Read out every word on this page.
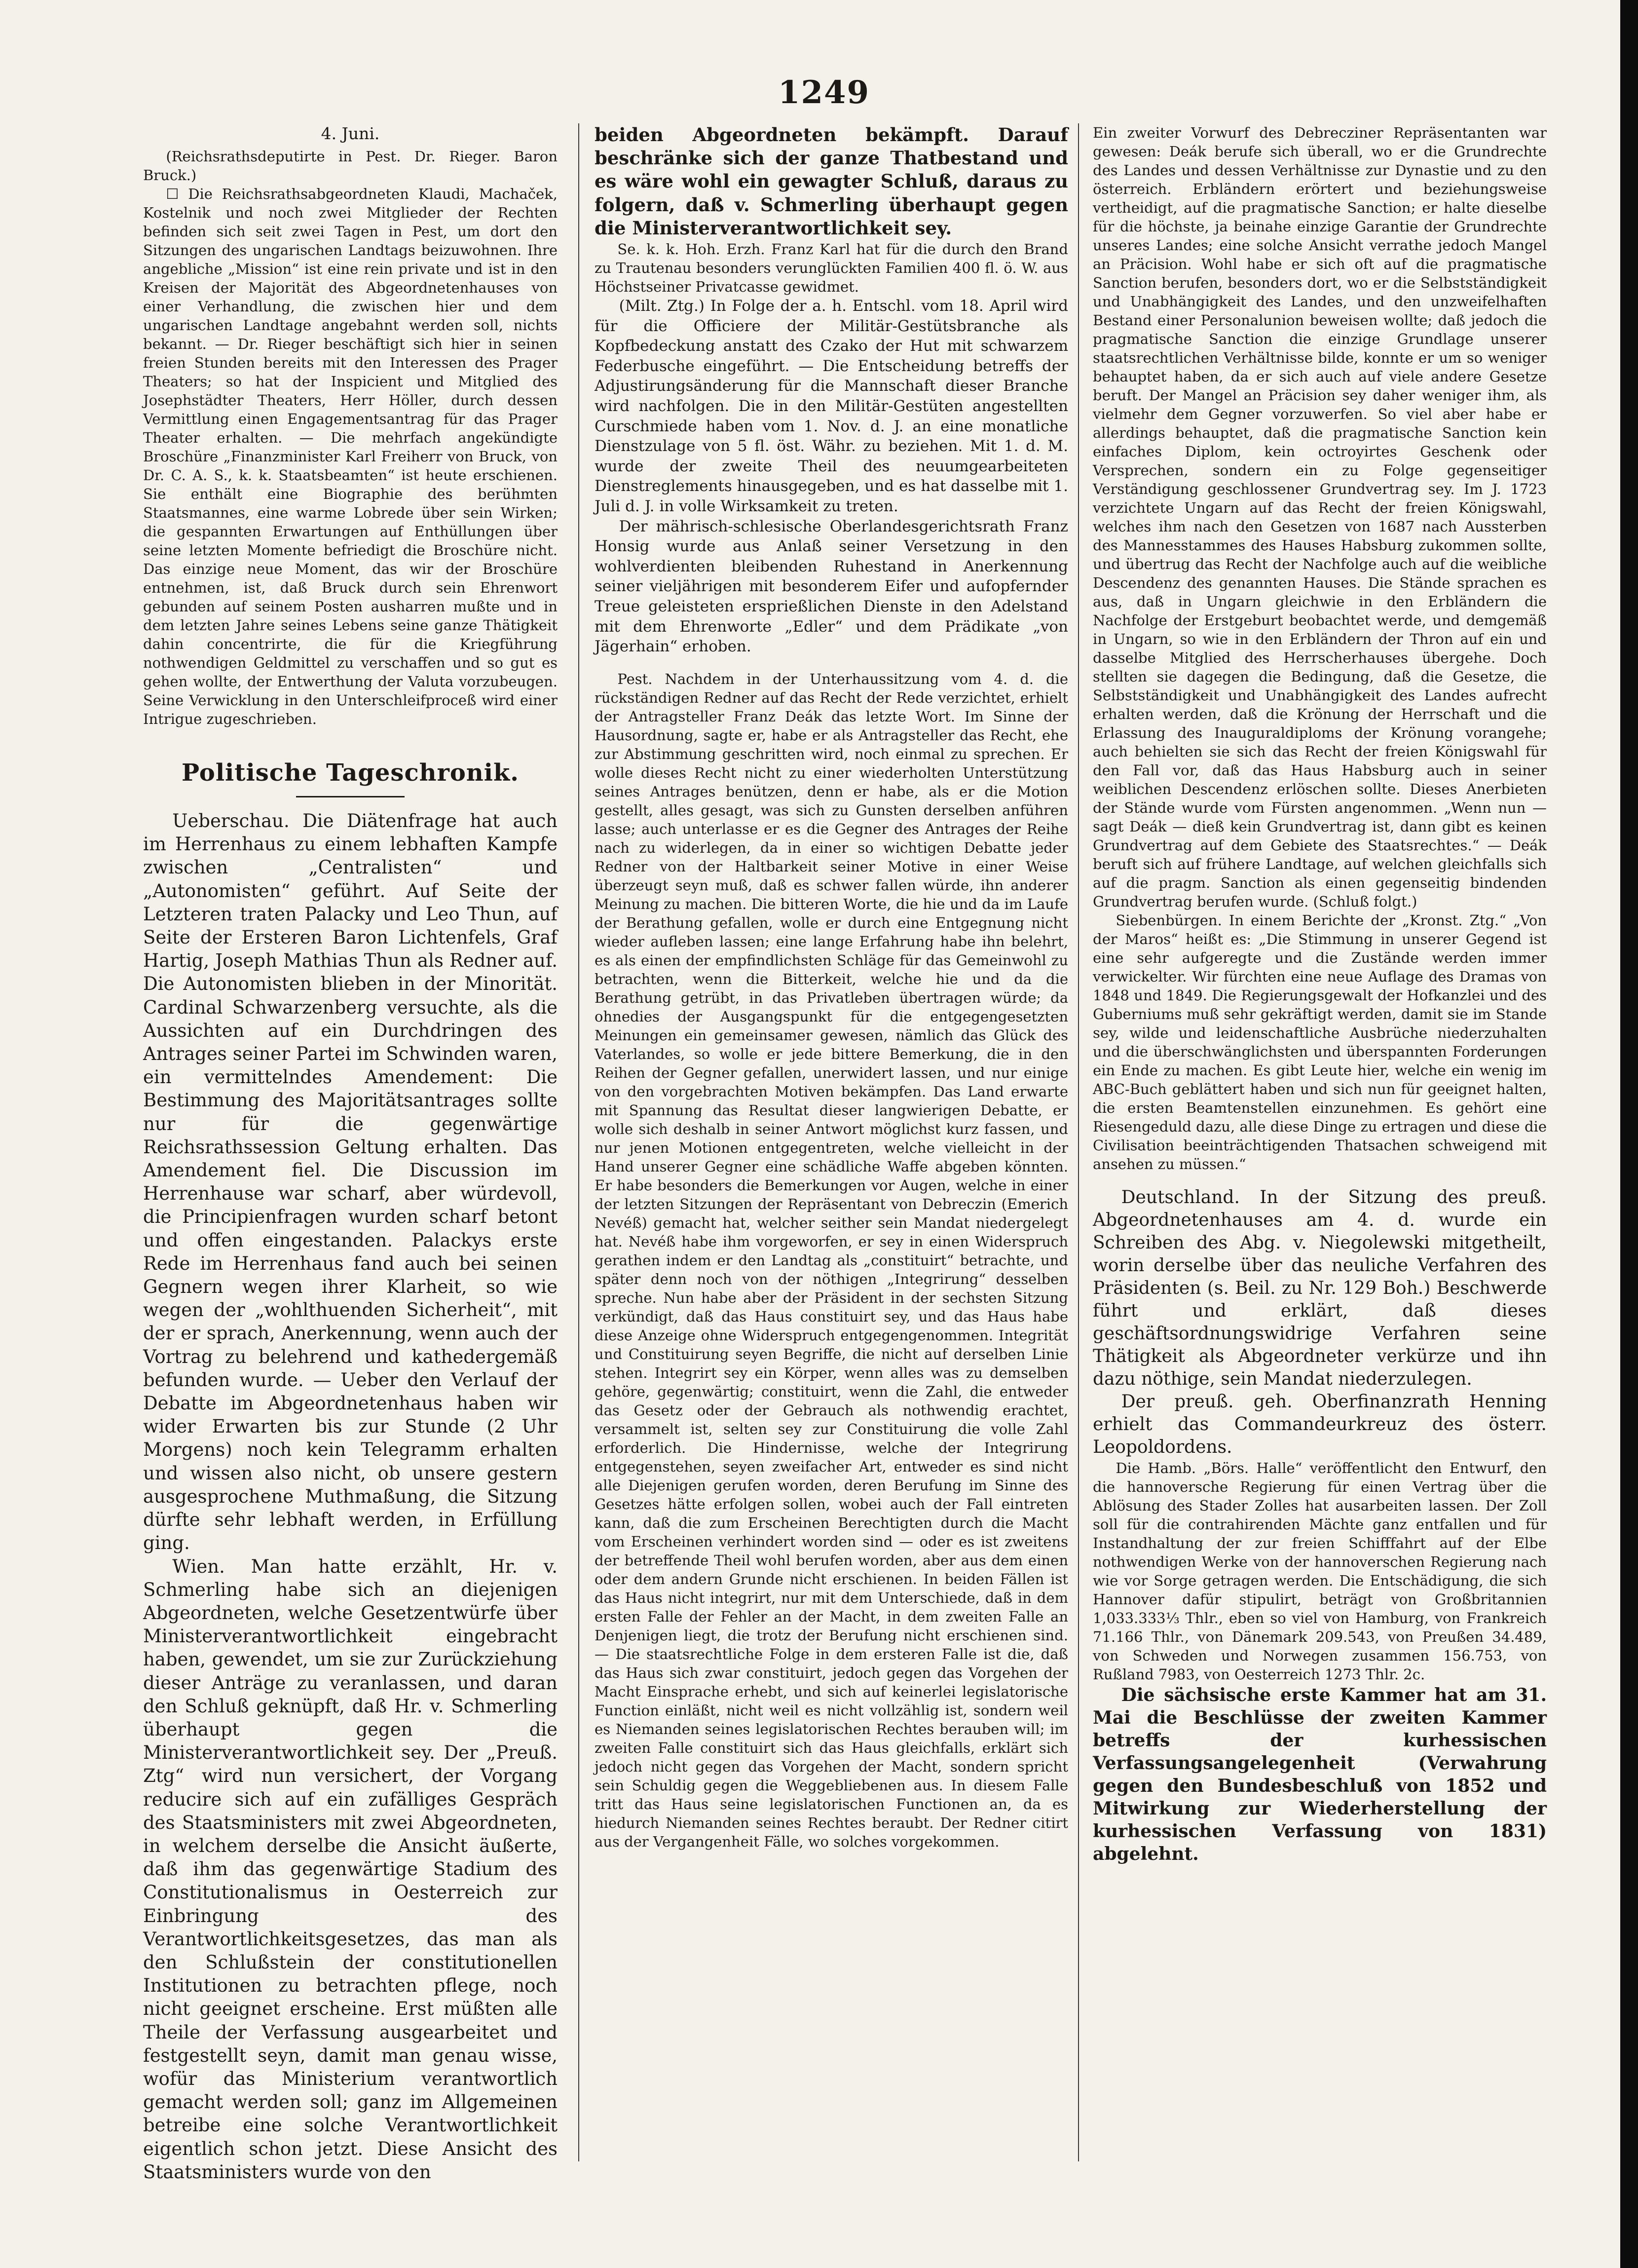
1249

4. Juni.

(Reichsrathsdeputirte in Pest. Dr. Rieger. Baron Bruck.)

☐ Die Reichsrathsabgeordneten Klaudi, Machaček, Kostelnik und noch zwei Mitglieder der Rechten befinden sich seit zwei Tagen in Pest, um dort den Sitzungen des ungarischen Landtags beizuwohnen. Ihre angebliche „Mission“ ist eine rein private und ist in den Kreisen der Majorität des Abgeordnetenhauses von einer Verhandlung, die zwischen hier und dem ungarischen Landtage angebahnt werden soll, nichts bekannt. — Dr. Rieger beschäftigt sich hier in seinen freien Stunden bereits mit den Interessen des Prager Theaters; so hat der Inspicient und Mitglied des Josephstädter Theaters, Herr Höller, durch dessen Vermittlung einen Engagementsantrag für das Prager Theater erhalten. — Die mehrfach angekündigte Broschüre „Finanzminister Karl Freiherr von Bruck, von Dr. C. A. S., k. k. Staatsbeamten“ ist heute erschienen. Sie enthält eine Biographie des berühmten Staatsmannes, eine warme Lobrede über sein Wirken; die gespannten Erwartungen auf Enthüllungen über seine letzten Momente befriedigt die Broschüre nicht. Das einzige neue Moment, das wir der Broschüre entnehmen, ist, daß Bruck durch sein Ehrenwort gebunden auf seinem Posten ausharren mußte und in dem letzten Jahre seines Lebens seine ganze Thätigkeit dahin concentrirte, die für die Kriegführung nothwendigen Geldmittel zu verschaffen und so gut es gehen wollte, der Entwerthung der Valuta vorzubeugen. Seine Verwicklung in den Unterschleifproceß wird einer Intrigue zugeschrieben.

Politische Tageschronik.

Ueberschau. Die Diätenfrage hat auch im Herrenhaus zu einem lebhaften Kampfe zwischen „Centralisten“ und „Autonomisten“ geführt. Auf Seite der Letzteren traten Palacky und Leo Thun, auf Seite der Ersteren Baron Lichtenfels, Graf Hartig, Joseph Mathias Thun als Redner auf. Die Autonomisten blieben in der Minorität. Cardinal Schwarzenberg versuchte, als die Aussichten auf ein Durchdringen des Antrages seiner Partei im Schwinden waren, ein vermittelndes Amendement: Die Bestimmung des Majoritätsantrages sollte nur für die gegenwärtige Reichsrathssession Geltung erhalten. Das Amendement fiel. Die Discussion im Herrenhause war scharf, aber würdevoll, die Principienfragen wurden scharf betont und offen eingestanden. Palackys erste Rede im Herrenhaus fand auch bei seinen Gegnern wegen ihrer Klarheit, so wie wegen der „wohlthuenden Sicherheit“, mit der er sprach, Anerkennung, wenn auch der Vortrag zu belehrend und kathedergemäß befunden wurde. — Ueber den Verlauf der Debatte im Abgeordnetenhaus haben wir wider Erwarten bis zur Stunde (2 Uhr Morgens) noch kein Telegramm erhalten und wissen also nicht, ob unsere gestern ausgesprochene Muthmaßung, die Sitzung dürfte sehr lebhaft werden, in Erfüllung ging.

Wien. Man hatte erzählt, Hr. v. Schmerling habe sich an diejenigen Abgeordneten, welche Gesetzentwürfe über Ministerverantwortlichkeit eingebracht haben, gewendet, um sie zur Zurückziehung dieser Anträge zu veranlassen, und daran den Schluß geknüpft, daß Hr. v. Schmerling überhaupt gegen die Ministerverantwortlichkeit sey. Der „Preuß. Ztg“ wird nun versichert, der Vorgang reducire sich auf ein zufälliges Gespräch des Staatsministers mit zwei Abgeordneten, in welchem derselbe die Ansicht äußerte, daß ihm das gegenwärtige Stadium des Constitutionalismus in Oesterreich zur Einbringung des Verantwortlichkeitsgesetzes, das man als den Schlußstein der constitutionellen Institutionen zu betrachten pflege, noch nicht geeignet erscheine. Erst müßten alle Theile der Verfassung ausgearbeitet und festgestellt seyn, damit man genau wisse, wofür das Ministerium verantwortlich gemacht werden soll; ganz im Allgemeinen betreibe eine solche Verantwortlichkeit eigentlich schon jetzt. Diese Ansicht des Staatsministers wurde von den

beiden Abgeordneten bekämpft. Darauf beschränke sich der ganze Thatbestand und es wäre wohl ein gewagter Schluß, daraus zu folgern, daß v. Schmerling überhaupt gegen die Ministerverantwortlichkeit sey.

Se. k. k. Hoh. Erzh. Franz Karl hat für die durch den Brand zu Trautenau besonders verunglückten Familien 400 fl. ö. W. aus Höchstseiner Privatcasse gewidmet.

(Milt. Ztg.) In Folge der a. h. Entschl. vom 18. April wird für die Officiere der Militär-Gestütsbranche als Kopfbedeckung anstatt des Czako der Hut mit schwarzem Federbusche eingeführt. — Die Entscheidung betreffs der Adjustirungsänderung für die Mannschaft dieser Branche wird nachfolgen. Die in den Militär-Gestüten angestellten Curschmiede haben vom 1. Nov. d. J. an eine monatliche Dienstzulage von 5 fl. öst. Währ. zu beziehen. Mit 1. d. M. wurde der zweite Theil des neuumgearbeiteten Dienstreglements hinausgegeben, und es hat dasselbe mit 1. Juli d. J. in volle Wirksamkeit zu treten.

Der mährisch-schlesische Oberlandesgerichtsrath Franz Honsig wurde aus Anlaß seiner Versetzung in den wohlverdienten bleibenden Ruhestand in Anerkennung seiner vieljährigen mit besonderem Eifer und aufopfernder Treue geleisteten ersprießlichen Dienste in den Adelstand mit dem Ehrenworte „Edler“ und dem Prädikate „von Jägerhain“ erhoben.

Pest. Nachdem in der Unterhaussitzung vom 4. d. die rückständigen Redner auf das Recht der Rede verzichtet, erhielt der Antragsteller Franz Deák das letzte Wort. Im Sinne der Hausordnung, sagte er, habe er als Antragsteller das Recht, ehe zur Abstimmung geschritten wird, noch einmal zu sprechen. Er wolle dieses Recht nicht zu einer wiederholten Unterstützung seines Antrages benützen, denn er habe, als er die Motion gestellt, alles gesagt, was sich zu Gunsten derselben anführen lasse; auch unterlasse er es die Gegner des Antrages der Reihe nach zu widerlegen, da in einer so wichtigen Debatte jeder Redner von der Haltbarkeit seiner Motive in einer Weise überzeugt seyn muß, daß es schwer fallen würde, ihn anderer Meinung zu machen. Die bitteren Worte, die hie und da im Laufe der Berathung gefallen, wolle er durch eine Entgegnung nicht wieder aufleben lassen; eine lange Erfahrung habe ihn belehrt, es als einen der empfindlichsten Schläge für das Gemeinwohl zu betrachten, wenn die Bitterkeit, welche hie und da die Berathung getrübt, in das Privatleben übertragen würde; da ohnedies der Ausgangspunkt für die entgegengesetzten Meinungen ein gemeinsamer gewesen, nämlich das Glück des Vaterlandes, so wolle er jede bittere Bemerkung, die in den Reihen der Gegner gefallen, unerwidert lassen, und nur einige von den vorgebrachten Motiven bekämpfen. Das Land erwarte mit Spannung das Resultat dieser langwierigen Debatte, er wolle sich deshalb in seiner Antwort möglichst kurz fassen, und nur jenen Motionen entgegentreten, welche vielleicht in der Hand unserer Gegner eine schädliche Waffe abgeben könnten. Er habe besonders die Bemerkungen vor Augen, welche in einer der letzten Sitzungen der Repräsentant von Debreczin (Emerich Nevéß) gemacht hat, welcher seither sein Mandat niedergelegt hat. Nevéß habe ihm vorgeworfen, er sey in einen Widerspruch gerathen indem er den Landtag als „constituirt“ betrachte, und später denn noch von der nöthigen „Integrirung“ desselben spreche. Nun habe aber der Präsident in der sechsten Sitzung verkündigt, daß das Haus constituirt sey, und das Haus habe diese Anzeige ohne Widerspruch entgegengenommen. Integrität und Constituirung seyen Begriffe, die nicht auf derselben Linie stehen. Integrirt sey ein Körper, wenn alles was zu demselben gehöre, gegenwärtig; constituirt, wenn die Zahl, die entweder das Gesetz oder der Gebrauch als nothwendig erachtet, versammelt ist, selten sey zur Constituirung die volle Zahl erforderlich. Die Hindernisse, welche der Integrirung entgegenstehen, seyen zweifacher Art, entweder es sind nicht alle Diejenigen gerufen worden, deren Berufung im Sinne des Gesetzes hätte erfolgen sollen, wobei auch der Fall eintreten kann, daß die zum Erscheinen Berechtigten durch die Macht vom Erscheinen verhindert worden sind — oder es ist zweitens der betreffende Theil wohl berufen worden, aber aus dem einen oder dem andern Grunde nicht erschienen. In beiden Fällen ist das Haus nicht integrirt, nur mit dem Unterschiede, daß in dem ersten Falle der Fehler an der Macht, in dem zweiten Falle an Denjenigen liegt, die trotz der Berufung nicht erschienen sind. — Die staatsrechtliche Folge in dem ersteren Falle ist die, daß das Haus sich zwar constituirt, jedoch gegen das Vorgehen der Macht Einsprache erhebt, und sich auf keinerlei legislatorische Function einläßt, nicht weil es nicht vollzählig ist, sondern weil es Niemanden seines legislatorischen Rechtes berauben will; im zweiten Falle constituirt sich das Haus gleichfalls, erklärt sich jedoch nicht gegen das Vorgehen der Macht, sondern spricht sein Schuldig gegen die Weggebliebenen aus. In diesem Falle tritt das Haus seine legislatorischen Functionen an, da es hiedurch Niemanden seines Rechtes beraubt. Der Redner citirt aus der Vergangenheit Fälle, wo solches vorgekommen.

Ein zweiter Vorwurf des Debrecziner Repräsentanten war gewesen: Deák berufe sich überall, wo er die Grundrechte des Landes und dessen Verhältnisse zur Dynastie und zu den österreich. Erbländern erörtert und beziehungsweise vertheidigt, auf die pragmatische Sanction; er halte dieselbe für die höchste, ja beinahe einzige Garantie der Grundrechte unseres Landes; eine solche Ansicht verrathe jedoch Mangel an Präcision. Wohl habe er sich oft auf die pragmatische Sanction berufen, besonders dort, wo er die Selbstständigkeit und Unabhängigkeit des Landes, und den unzweifelhaften Bestand einer Personalunion beweisen wollte; daß jedoch die pragmatische Sanction die einzige Grundlage unserer staatsrechtlichen Verhältnisse bilde, konnte er um so weniger behauptet haben, da er sich auch auf viele andere Gesetze beruft. Der Mangel an Präcision sey daher weniger ihm, als vielmehr dem Gegner vorzuwerfen. So viel aber habe er allerdings behauptet, daß die pragmatische Sanction kein einfaches Diplom, kein octroyirtes Geschenk oder Versprechen, sondern ein zu Folge gegenseitiger Verständigung geschlossener Grundvertrag sey. Im J. 1723 verzichtete Ungarn auf das Recht der freien Königswahl, welches ihm nach den Gesetzen von 1687 nach Aussterben des Mannesstammes des Hauses Habsburg zukommen sollte, und übertrug das Recht der Nachfolge auch auf die weibliche Descendenz des genannten Hauses. Die Stände sprachen es aus, daß in Ungarn gleichwie in den Erbländern die Nachfolge der Erstgeburt beobachtet werde, und demgemäß in Ungarn, so wie in den Erbländern der Thron auf ein und dasselbe Mitglied des Herrscherhauses übergehe. Doch stellten sie dagegen die Bedingung, daß die Gesetze, die Selbstständigkeit und Unabhängigkeit des Landes aufrecht erhalten werden, daß die Krönung der Herrschaft und die Erlassung des Inauguraldiploms der Krönung vorangehe; auch behielten sie sich das Recht der freien Königswahl für den Fall vor, daß das Haus Habsburg auch in seiner weiblichen Descendenz erlöschen sollte. Dieses Anerbieten der Stände wurde vom Fürsten angenommen. „Wenn nun — sagt Deák — dieß kein Grundvertrag ist, dann gibt es keinen Grundvertrag auf dem Gebiete des Staatsrechtes.“ — Deák beruft sich auf frühere Landtage, auf welchen gleichfalls sich auf die pragm. Sanction als einen gegenseitig bindenden Grundvertrag berufen wurde. (Schluß folgt.)

Siebenbürgen. In einem Berichte der „Kronst. Ztg.“ „Von der Maros“ heißt es: „Die Stimmung in unserer Gegend ist eine sehr aufgeregte und die Zustände werden immer verwickelter. Wir fürchten eine neue Auflage des Dramas von 1848 und 1849. Die Regierungsgewalt der Hofkanzlei und des Guberniums muß sehr gekräftigt werden, damit sie im Stande sey, wilde und leidenschaftliche Ausbrüche niederzuhalten und die überschwänglichsten und überspannten Forderungen ein Ende zu machen. Es gibt Leute hier, welche ein wenig im ABC-Buch geblättert haben und sich nun für geeignet halten, die ersten Beamtenstellen einzunehmen. Es gehört eine Riesengeduld dazu, alle diese Dinge zu ertragen und diese die Civilisation beeinträchtigenden Thatsachen schweigend mit ansehen zu müssen.“

Deutschland. In der Sitzung des preuß. Abgeordnetenhauses am 4. d. wurde ein Schreiben des Abg. v. Niegolewski mitgetheilt, worin derselbe über das neuliche Verfahren des Präsidenten (s. Beil. zu Nr. 129 Boh.) Beschwerde führt und erklärt, daß dieses geschäftsordnungswidrige Verfahren seine Thätigkeit als Abgeordneter verkürze und ihn dazu nöthige, sein Mandat niederzulegen.

Der preuß. geh. Oberfinanzrath Henning erhielt das Commandeurkreuz des österr. Leopoldordens.

Die Hamb. „Börs. Halle“ veröffentlicht den Entwurf, den die hannoversche Regierung für einen Vertrag über die Ablösung des Stader Zolles hat ausarbeiten lassen. Der Zoll soll für die contrahirenden Mächte ganz entfallen und für Instandhaltung der zur freien Schifffahrt auf der Elbe nothwendigen Werke von der hannoverschen Regierung nach wie vor Sorge getragen werden. Die Entschädigung, die sich Hannover dafür stipulirt, beträgt von Großbritannien 1,033.333⅓ Thlr., eben so viel von Hamburg, von Frankreich 71.166 Thlr., von Dänemark 209.543, von Preußen 34.489, von Schweden und Norwegen zusammen 156.753, von Rußland 7983, von Oesterreich 1273 Thlr. 2c.

Die sächsische erste Kammer hat am 31. Mai die Beschlüsse der zweiten Kammer betreffs der kurhessischen Verfassungsangelegenheit (Verwahrung gegen den Bundesbeschluß von 1852 und Mitwirkung zur Wiederherstellung der kurhessischen Verfassung von 1831) abgelehnt.
